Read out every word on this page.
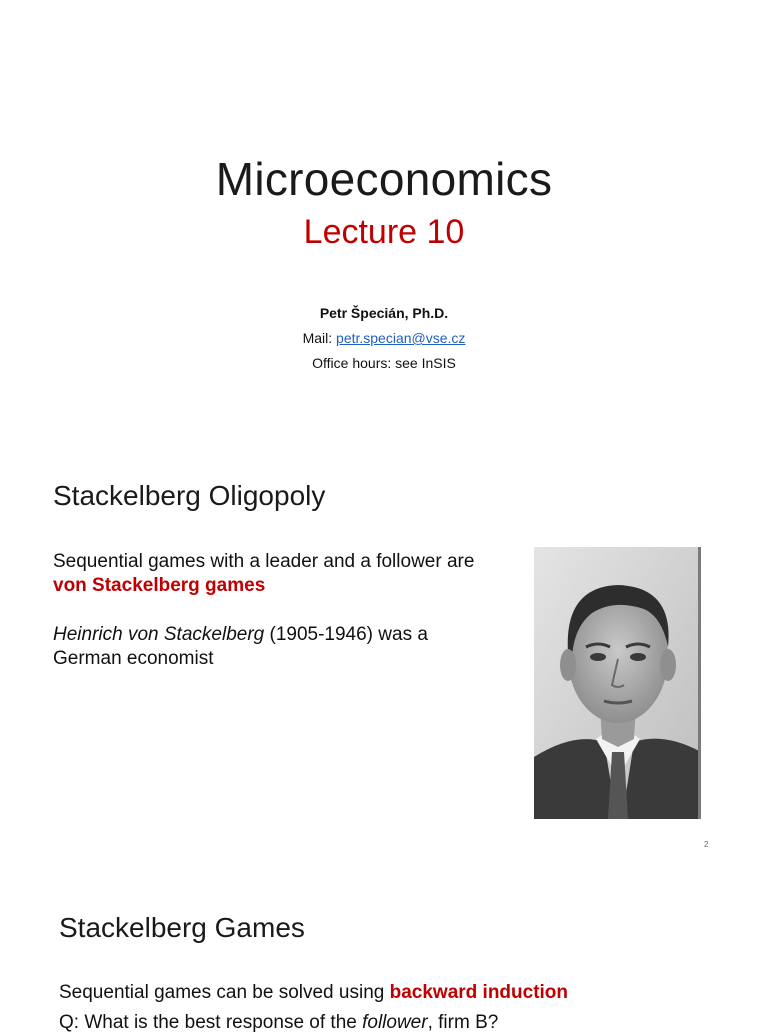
Microeconomics
Lecture 10
Petr Špecián, Ph.D.
Mail: petr.specian@vse.cz
Office hours: see InSIS
Stackelberg Oligopoly

Sequential games with a leader and a follower are von Stackelberg games

Heinrich von Stackelberg (1905-1946) was a German economist

2
Stackelberg Games
Sequential games can be solved using backward induction
Q: What is the best response of the follower, firm B?
